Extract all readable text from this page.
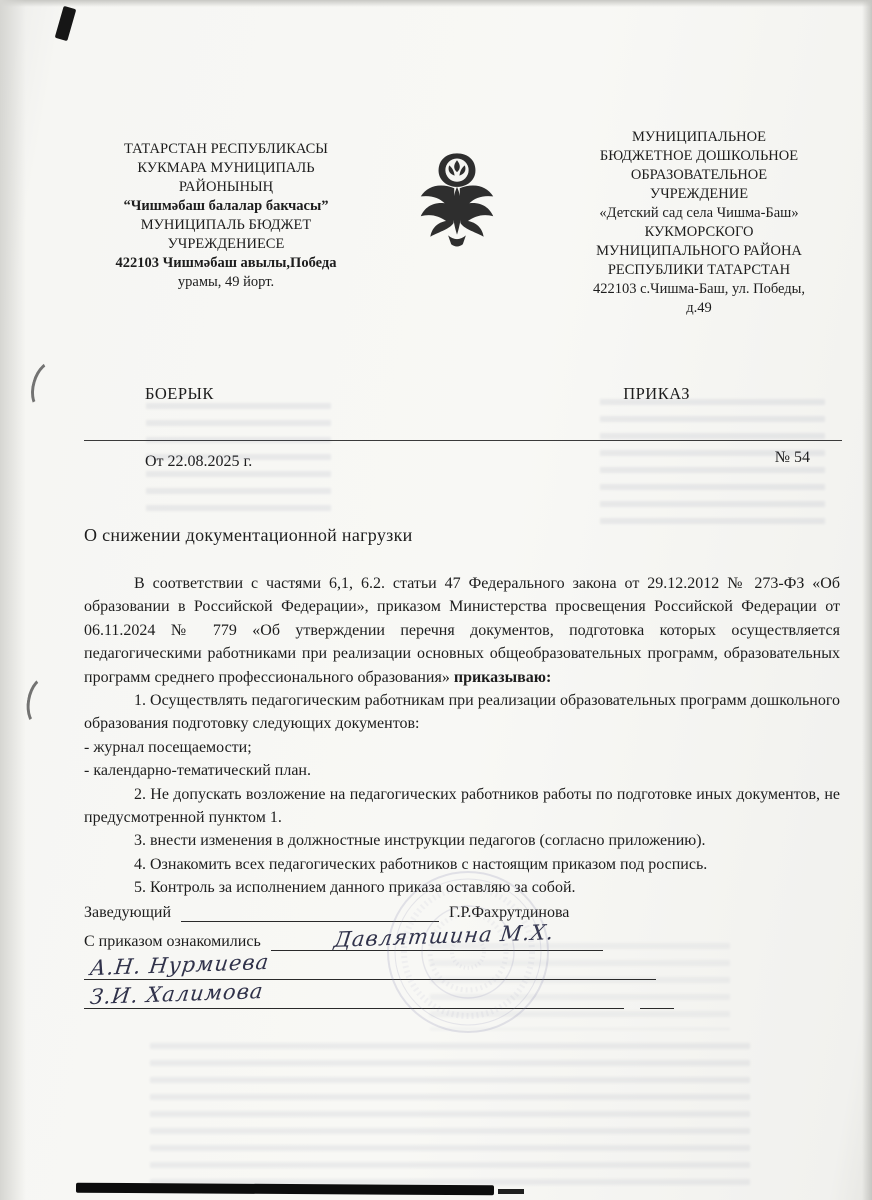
ТАТАРСТАН РЕСПУБЛИКАСЫ
КУКМАРА МУНИЦИПАЛЬ
РАЙОНЫНЫҢ
“Чишмәбаш балалар бакчасы”
МУНИЦИПАЛЬ БЮДЖЕТ
УЧРЕЖДЕНИЕСЕ
422103 Чишмәбаш авылы,Победа
урамы, 49 йорт.
МУНИЦИПАЛЬНОЕ
БЮДЖЕТНОЕ ДОШКОЛЬНОЕ
ОБРАЗОВАТЕЛЬНОЕ
УЧРЕЖДЕНИЕ
«Детский сад села Чишма-Баш»
КУКМОРСКОГО
МУНИЦИПАЛЬНОГО РАЙОНА
РЕСПУБЛИКИ ТАТАРСТАН
422103 с.Чишма-Баш, ул. Победы,
д.49
БОЕРЫК	ПРИКАЗ
От 22.08.2025 г.	№ 54
О снижении документационной нагрузки

В соответствии с частями 6,1, 6.2. статьи 47 Федерального закона от 29.12.2012 № 273-ФЗ «Об образовании в Российской Федерации», приказом Министерства просвещения Российской Федерации от 06.11.2024 № 779 «Об утверждении перечня документов, подготовка которых осуществляется педагогическими работниками при реализации основных общеобразовательных программ, образовательных программ среднего профессионального образования» приказываю:

1. Осуществлять педагогическим работникам при реализации образовательных программ дошкольного образования подготовку следующих документов:

- журнал посещаемости;

- календарно-тематический план.

2. Не допускать возложение на педагогических работников работы по подготовке иных документов, не предусмотренной пунктом 1.

3. внести изменения в должностные инструкции педагогов (согласно приложению).

4. Ознакомить всех педагогических работников с настоящим приказом под роспись.

5. Контроль за исполнением данного приказа оставляю за собой.

Заведующий	Г.Р.Фахрутдинова
С приказом ознакомились	Давлятшина М.Х.
А.Н. Нурмиева

З.И. Халимова
